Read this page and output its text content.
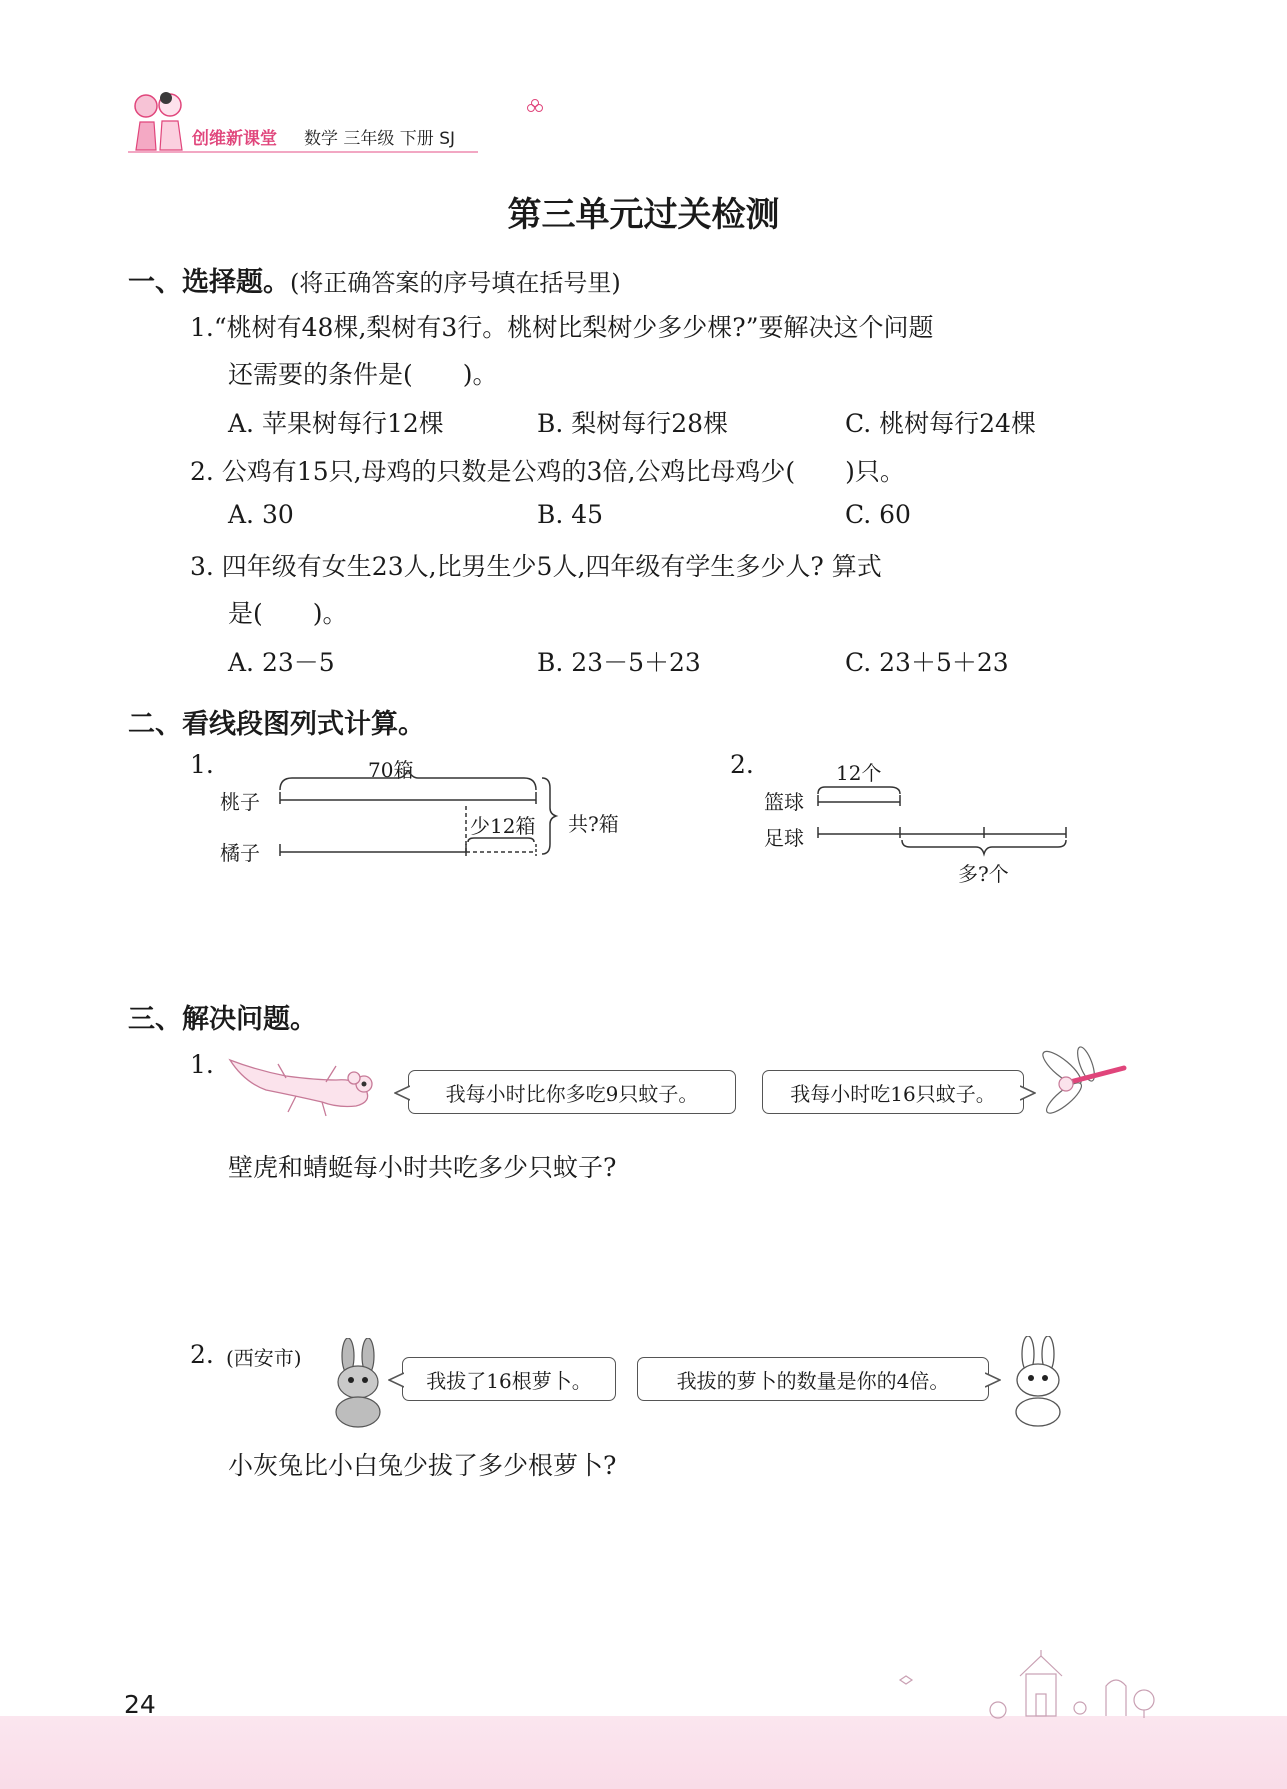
创维新课堂 数学 三年级 下册 SJ
第三单元过关检测
一、选择题。(将正确答案的序号填在括号里)
1.“桃树有48棵,梨树有3行。桃树比梨树少多少棵?”要解决这个问题
还需要的条件是(　　)。
A. 苹果树每行12棵	B. 梨树每行28棵	C. 桃树每行24棵
2. 公鸡有15只,母鸡的只数是公鸡的3倍,公鸡比母鸡少(　　)只。
A. 30	B. 45	C. 60
3. 四年级有女生23人,比男生少5人,四年级有学生多少人? 算式
是(　　)。
A. 23－5	B. 23－5＋23	C. 23＋5＋23
二、看线段图列式计算。
1.	70箱
桃子
橘子
少12箱 共?箱
2.	12个
篮球
足球
多?个
三、解决问题。
1.
我每小时比你多吃9只蚊子。	我每小时吃16只蚊子。
壁虎和蜻蜓每小时共吃多少只蚊子?
2. (西安市)
我拔了16根萝卜。	我拔的萝卜的数量是你的4倍。
小灰兔比小白兔少拔了多少根萝卜?
24
